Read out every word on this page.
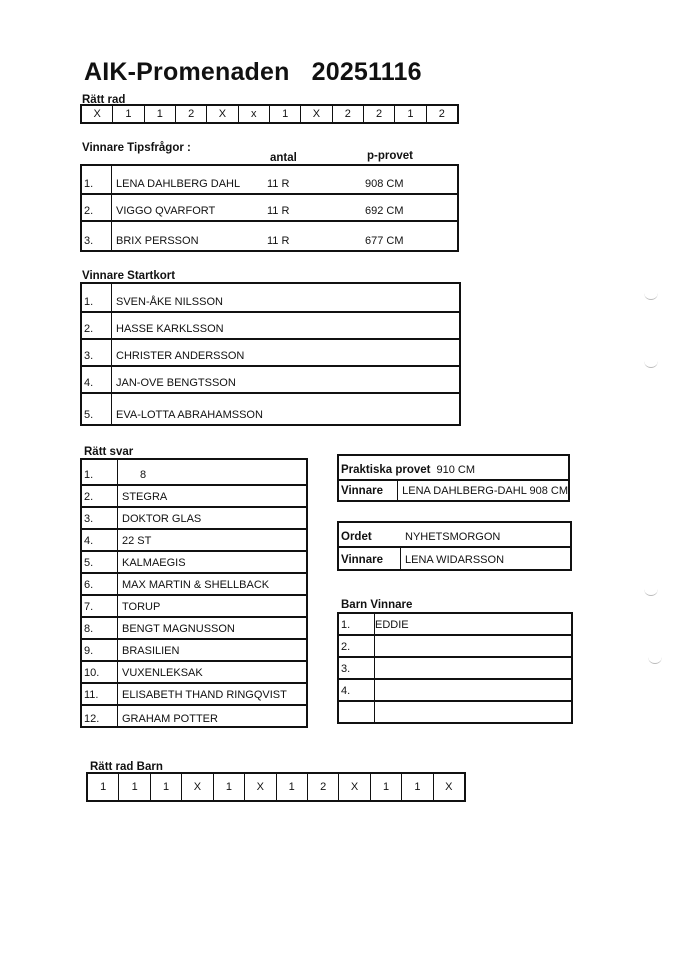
AIK-Promenaden 20251116
Rätt rad
X	1	1	2	X	x	1	X	2	2	1	2
Vinnare Tipsfrågor :
antal	p-provet
1.	LENA DAHLBERG DAHL	11 R	908 CM
2.	VIGGO QVARFORT	11 R	692 CM
3.	BRIX PERSSON	11 R	677 CM
Vinnare Startkort
1.	SVEN-ÅKE NILSSON
2.	HASSE KARKLSSON
3.	CHRISTER ANDERSSON
4.	JAN-OVE BENGTSSON
5.	EVA-LOTTA ABRAHAMSSON
Rätt svar
1.	8
2.	STEGRA
3.	DOKTOR GLAS
4.	22 ST
5.	KALMAEGIS
6.	MAX MARTIN & SHELLBACK
7.	TORUP
8.	BENGT MAGNUSSON
9.	BRASILIEN
10.	VUXENLEKSAK
11.	ELISABETH THAND RINGQVIST
12.	GRAHAM POTTER
Praktiska provet 910 CM
Vinnare	LENA DAHLBERG-DAHL 908 CM
Ordet	NYHETSMORGON
Vinnare	LENA WIDARSSON
Barn Vinnare
1.	EDDIE
2.
3.
4.
Rätt rad Barn
1	1	1	X	1	X	1	2	X	1	1	X
